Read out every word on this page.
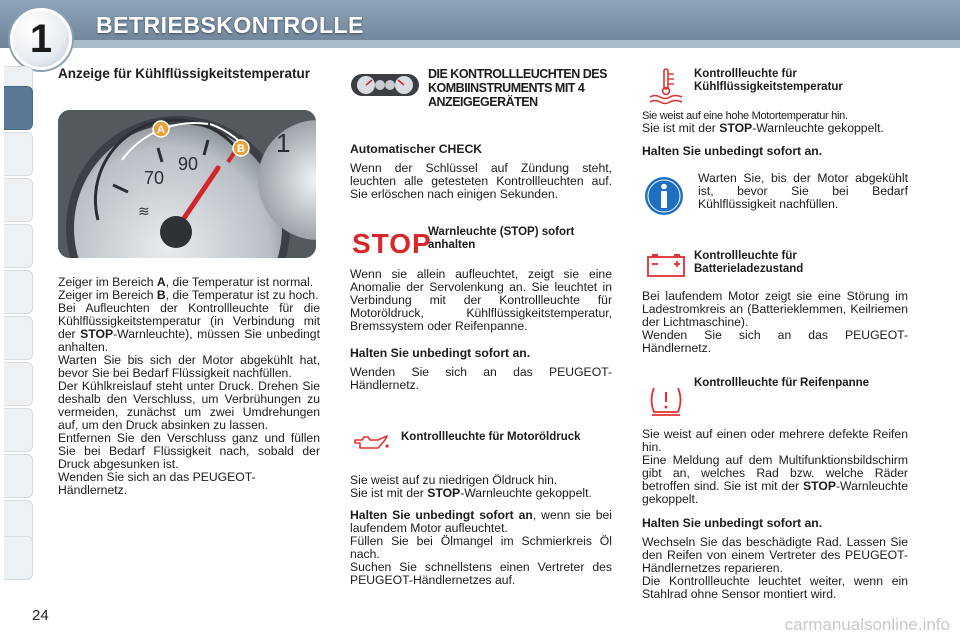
1	BETRIEBSKONTROLLE
Anzeige für Kühlflüssigkeitstemperatur
70
90
1
A
B
≋

Zeiger im Bereich A, die Temperatur ist normal.

Zeiger im Bereich B, die Temperatur ist zu hoch.

Bei Aufleuchten der Kontrollleuchte für die Kühlflüssigkeitstemperatur (in Verbindung mit der STOP-Warnleuchte), müssen Sie unbedingt anhalten.

Warten Sie bis sich der Motor abgekühlt hat, bevor Sie bei Bedarf Flüssigkeit nachfüllen.

Der Kühlkreislauf steht unter Druck. Drehen Sie deshalb den Verschluss, um Verbrühungen zu vermeiden, zunächst um zwei Umdrehungen auf, um den Druck absinken zu lassen.

Entfernen Sie den Verschluss ganz und füllen Sie bei Bedarf Flüssigkeit nach, sobald der Druck abgesunken ist.

Wenden Sie sich an das PEUGEOT-Händlernetz.

DIE KONTROLLLEUCHTEN DES KOMBIINSTRUMENTS MIT 4 ANZEIGEGERÄTEN
Automatischer CHECK

Wenn der Schlüssel auf Zündung steht, leuchten alle getesteten Kontrollleuchten auf. Sie erlöschen nach einigen Sekunden.

STOP
Warnleuchte (STOP) sofort anhalten

Wenn sie allein aufleuchtet, zeigt sie eine Anomalie der Servolenkung an. Sie leuchtet in Verbindung mit der Kontrollleuchte für Motoröldruck, Kühlflüssigkeitstemperatur, Bremssystem oder Reifenpanne.

Halten Sie unbedingt sofort an.

Wenden Sie sich an das PEUGEOT-Händlernetz.

Kontrollleuchte für Motoröldruck

Sie weist auf zu niedrigen Öldruck hin.

Sie ist mit der STOP-Warnleuchte gekoppelt.

Halten Sie unbedingt sofort an, wenn sie bei laufendem Motor aufleuchtet.

Füllen Sie bei Ölmangel im Schmierkreis Öl nach.

Suchen Sie schnellstens einen Vertreter des PEUGEOT-Händlernetzes auf.

Kontrollleuchte für Kühlflüssigkeitstemperatur
Sie weist auf eine hohe Motortemperatur hin.

Sie ist mit der STOP-Warnleuchte gekoppelt.

Halten Sie unbedingt sofort an.

Warten Sie, bis der Motor abgekühlt ist, bevor Sie bei Bedarf Kühlflüssigkeit nachfüllen.

Kontrollleuchte für Batterieladezustand

Bei laufendem Motor zeigt sie eine Störung im Ladestromkreis an (Batterieklemmen, Keilriemen der Lichtmaschine).

Wenden Sie sich an das PEUGEOT-Händlernetz.

Kontrollleuchte für Reifenpanne

Sie weist auf einen oder mehrere defekte Reifen hin.

Eine Meldung auf dem Multifunktionsbildschirm gibt an, welches Rad bzw. welche Räder betroffen sind. Sie ist mit der STOP-Warnleuchte gekoppelt.

Halten Sie unbedingt sofort an.

Wechseln Sie das beschädigte Rad. Lassen Sie den Reifen von einem Vertreter des PEUGEOT-Händlernetzes reparieren.

Die Kontrollleuchte leuchtet weiter, wenn ein Stahlrad ohne Sensor montiert wird.

24	carmanualsonline.info
